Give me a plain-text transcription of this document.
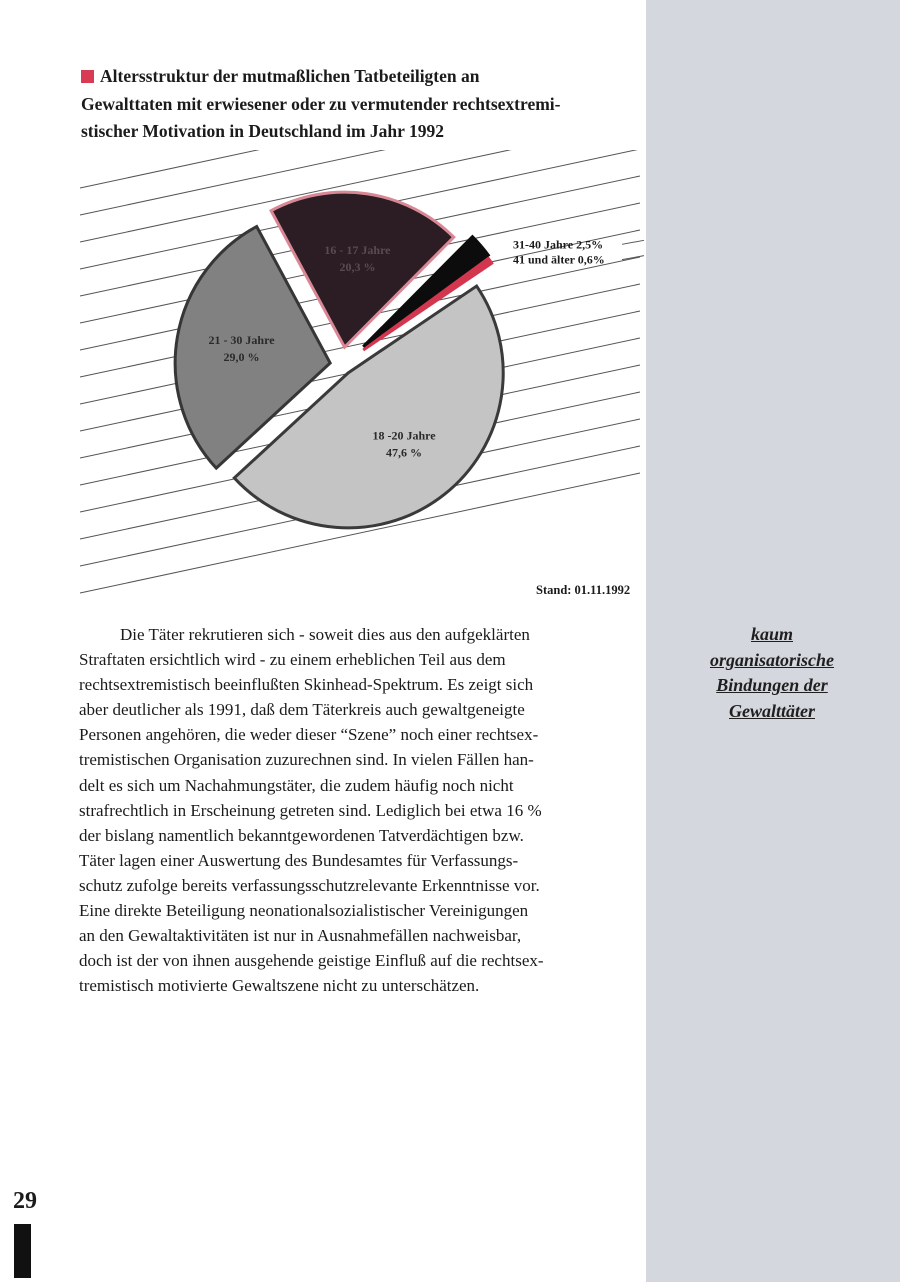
Altersstruktur der mutmaßlichen Tatbeteiligten an
Gewalttaten mit erwiesener oder zu vermutender rechtsextremi-
stischer Motivation in Deutschland im Jahr 1992
21 - 30 Jahre 29,0 %
16 - 17 Jahre 20,3 %
31-40 Jahre 2,5%
41 und älter 0,6%
18 -20 Jahre 47,6 %
Stand: 01.11.1992
Die Täter rekrutieren sich - soweit dies aus den aufgeklärten
Straftaten ersichtlich wird - zu einem erheblichen Teil aus dem
rechtsextremistisch beeinflußten Skinhead-Spektrum. Es zeigt sich
aber deutlicher als 1991, daß dem Täterkreis auch gewaltgeneigte
Personen angehören, die weder dieser “Szene” noch einer rechtsex-
tremistischen Organisation zuzurechnen sind. In vielen Fällen han-
delt es sich um Nachahmungstäter, die zudem häufig noch nicht
strafrechtlich in Erscheinung getreten sind. Lediglich bei etwa 16 %
der bislang namentlich bekanntgewordenen Tatverdächtigen bzw.
Täter lagen einer Auswertung des Bundesamtes für Verfassungs-
schutz zufolge bereits verfassungsschutzrelevante Erkenntnisse vor.
Eine direkte Beteiligung neonationalsozialistischer Vereinigungen
an den Gewaltaktivitäten ist nur in Ausnahmefällen nachweisbar,
doch ist der von ihnen ausgehende geistige Einfluß auf die rechtsex-
tremistisch motivierte Gewaltszene nicht zu unterschätzen.
kaum
organisatorische
Bindungen der
Gewalttäter
29
